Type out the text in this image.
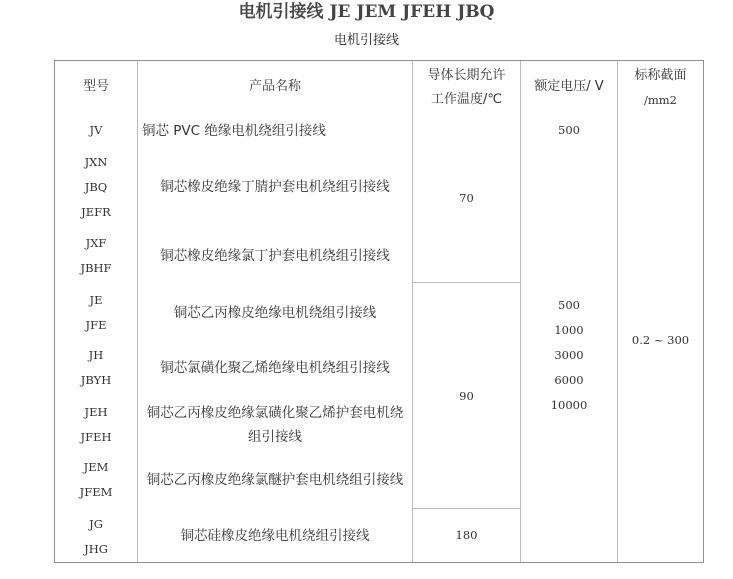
电机引接线 JE JEM JFEH JBQ
电机引接线
型号	产品名称
导体长期允许
工作温度/℃
额定电压/ V
标称截面
/mm2
JV
JXN
JBQ
JEFR
JXF
JBHF
JE
JFE
JH
JBYH
JEH
JFEH
JEM
JFEM
JG
JHG
铜芯 PVC 绝缘电机绕组引接线
铜芯橡皮绝缘丁腈护套电机绕组引接线
铜芯橡皮绝缘氯丁护套电机绕组引接线
铜芯乙丙橡皮绝缘电机绕组引接线
铜芯氯磺化聚乙烯绝缘电机绕组引接线
铜芯乙丙橡皮绝缘氯磺化聚乙烯护套电机绕组引接线
铜芯乙丙橡皮绝缘氯醚护套电机绕组引接线
铜芯硅橡皮绝缘电机绕组引接线
70
90
180
500
500
1000
3000
6000
10000
0.2 ~ 300
